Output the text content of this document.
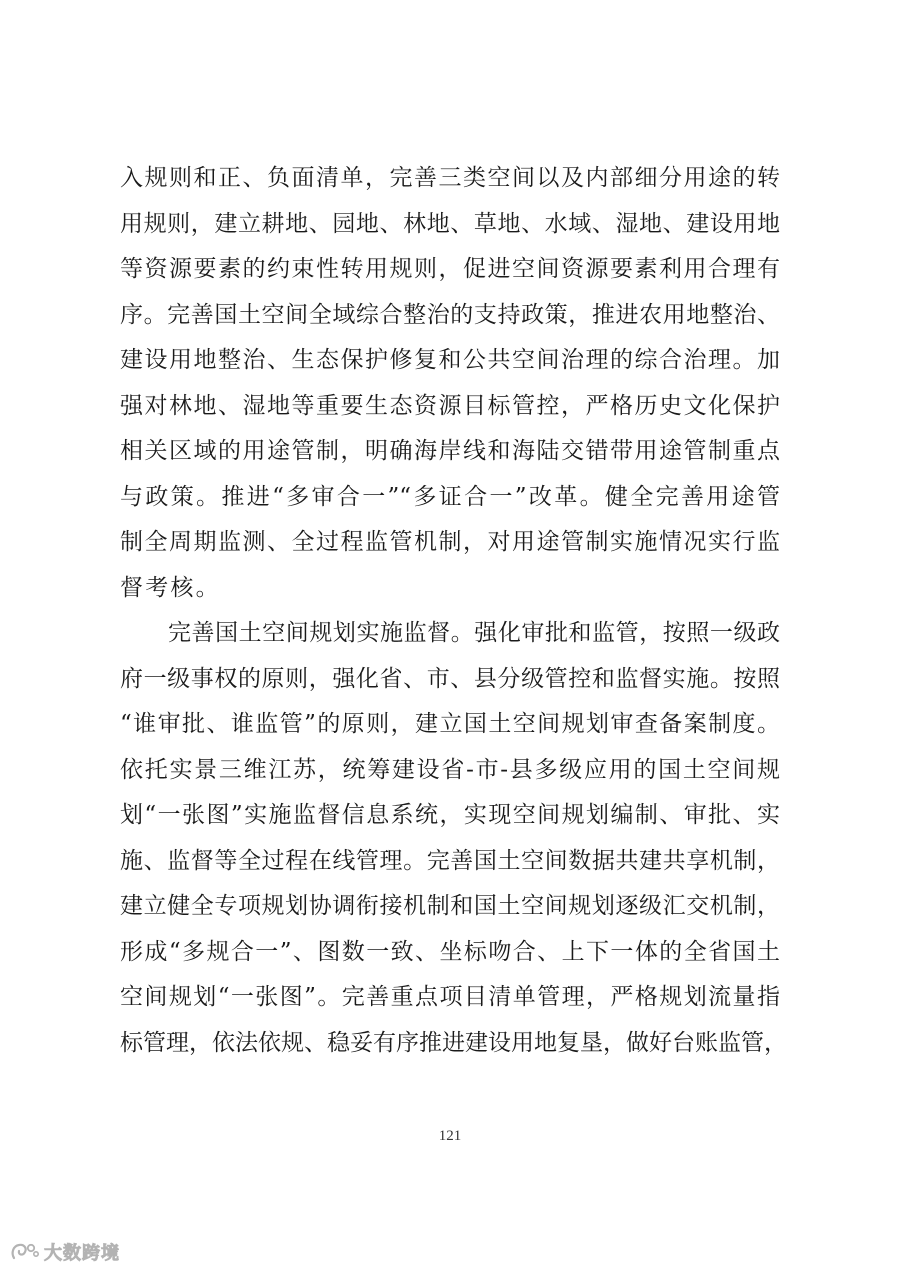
入规则和正、负面清单，完善三类空间以及内部细分用途的转
用规则，建立耕地、园地、林地、草地、水域、湿地、建设用地
等资源要素的约束性转用规则，促进空间资源要素利用合理有
序。完善国土空间全域综合整治的支持政策，推进农用地整治、
建设用地整治、生态保护修复和公共空间治理的综合治理。加
强对林地、湿地等重要生态资源目标管控，严格历史文化保护
相关区域的用途管制，明确海岸线和海陆交错带用途管制重点
与政策。推进“多审合一”“多证合一”改革。健全完善用途管
制全周期监测、全过程监管机制，对用途管制实施情况实行监
督考核。
完善国土空间规划实施监督。强化审批和监管，按照一级政
府一级事权的原则，强化省、市、县分级管控和监督实施。按照
“谁审批、谁监管”的原则，建立国土空间规划审查备案制度。
依托实景三维江苏，统筹建设省-市-县多级应用的国土空间规
划“一张图”实施监督信息系统，实现空间规划编制、审批、实
施、监督等全过程在线管理。完善国土空间数据共建共享机制，
建立健全专项规划协调衔接机制和国土空间规划逐级汇交机制，
形成“多规合一”、图数一致、坐标吻合、上下一体的全省国土
空间规划“一张图”。完善重点项目清单管理，严格规划流量指
标管理，依法依规、稳妥有序推进建设用地复垦，做好台账监管，
121
大数跨境
